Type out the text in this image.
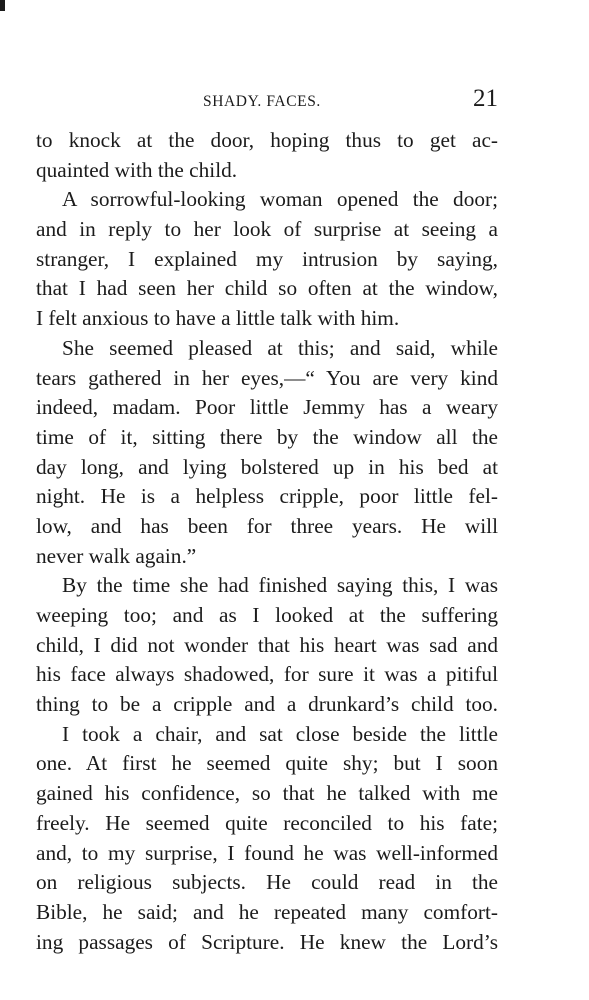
SHADY. FACES.	21
to knock at the door, hoping thus to get ac-
quainted with the child.
A sorrowful-looking woman opened the door;
and in reply to her look of surprise at seeing a
stranger, I explained my intrusion by saying,
that I had seen her child so often at the window,
I felt anxious to have a little talk with him.
She seemed pleased at this; and said, while
tears gathered in her eyes,—“ You are very kind
indeed, madam. Poor little Jemmy has a weary
time of it, sitting there by the window all the
day long, and lying bolstered up in his bed at
night. He is a helpless cripple, poor little fel-
low, and has been for three years. He will
never walk again.”
By the time she had finished saying this, I was
weeping too; and as I looked at the suffering
child, I did not wonder that his heart was sad and
his face always shadowed, for sure it was a pitiful
thing to be a cripple and a drunkard’s child too.
I took a chair, and sat close beside the little
one. At first he seemed quite shy; but I soon
gained his confidence, so that he talked with me
freely. He seemed quite reconciled to his fate;
and, to my surprise, I found he was well-informed
on religious subjects. He could read in the
Bible, he said; and he repeated many comfort-
ing passages of Scripture. He knew the Lord’s
